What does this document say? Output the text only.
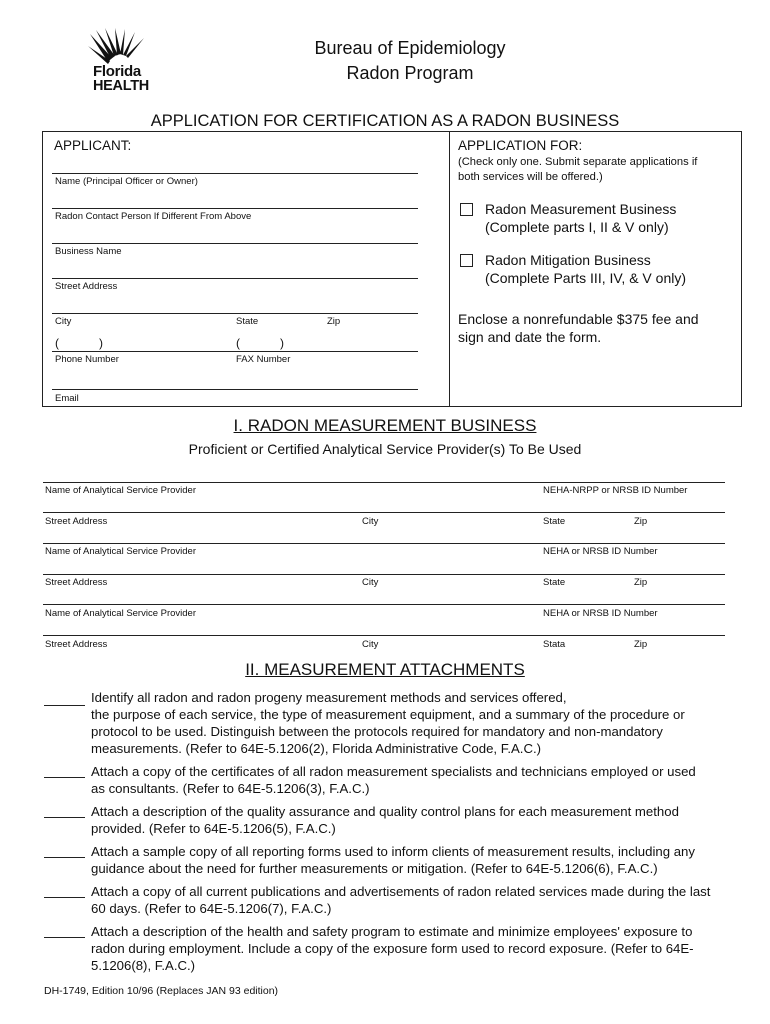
Florida
HEALTH
Bureau of Epidemiology
Radon Program
APPLICATION FOR CERTIFICATION AS A RADON BUSINESS
APPLICANT:
Name (Principal Officer or Owner)
Radon Contact Person If Different From Above
Business Name
Street Address
City	State	Zip
(            )	(            )
Phone Number	FAX Number
Email
APPLICATION FOR:
(Check only one. Submit separate applications if
both services will be offered.)
Radon Measurement Business
(Complete parts I, II & V only)
Radon Mitigation Business
(Complete Parts III, IV, & V only)
Enclose a nonrefundable $375 fee and
sign and date the form.
I. RADON MEASUREMENT BUSINESS
Proficient or Certified Analytical Service Provider(s) To Be Used
Name of Analytical Service Provider	NEHA-NRPP or NRSB ID Number
Street Address	City	State	Zip
Name of Analytical Service Provider	NEHA or NRSB ID Number
Street Address	City	State	Zip
Name of Analytical Service Provider	NEHA or NRSB ID Number
Street Address	City	Stata	Zip
II. MEASUREMENT ATTACHMENTS
Identify all radon and radon progeny measurement methods and services offered,
the purpose of each service, the type of measurement equipment, and a summary of the procedure or
protocol to be used. Distinguish between the protocols required for mandatory and non-mandatory
measurements. (Refer to 64E-5.1206(2), Florida Administrative Code, F.A.C.)
Attach a copy of the certificates of all radon measurement specialists and technicians employed or used
as consultants. (Refer to 64E-5.1206(3), F.A.C.)
Attach a description of the quality assurance and quality control plans for each measurement method
provided. (Refer to 64E-5.1206(5), F.A.C.)
Attach a sample copy of all reporting forms used to inform clients of measurement results, including any
guidance about the need for further measurements or mitigation. (Refer to 64E-5.1206(6), F.A.C.)
Attach a copy of all current publications and advertisements of radon related services made during the last
60 days. (Refer to 64E-5.1206(7), F.A.C.)
Attach a description of the health and safety program to estimate and minimize employees' exposure to
radon during employment. Include a copy of the exposure form used to record exposure. (Refer to 64E-
5.1206(8), F.A.C.)
DH-1749, Edition 10/96 (Replaces JAN 93 edition)
